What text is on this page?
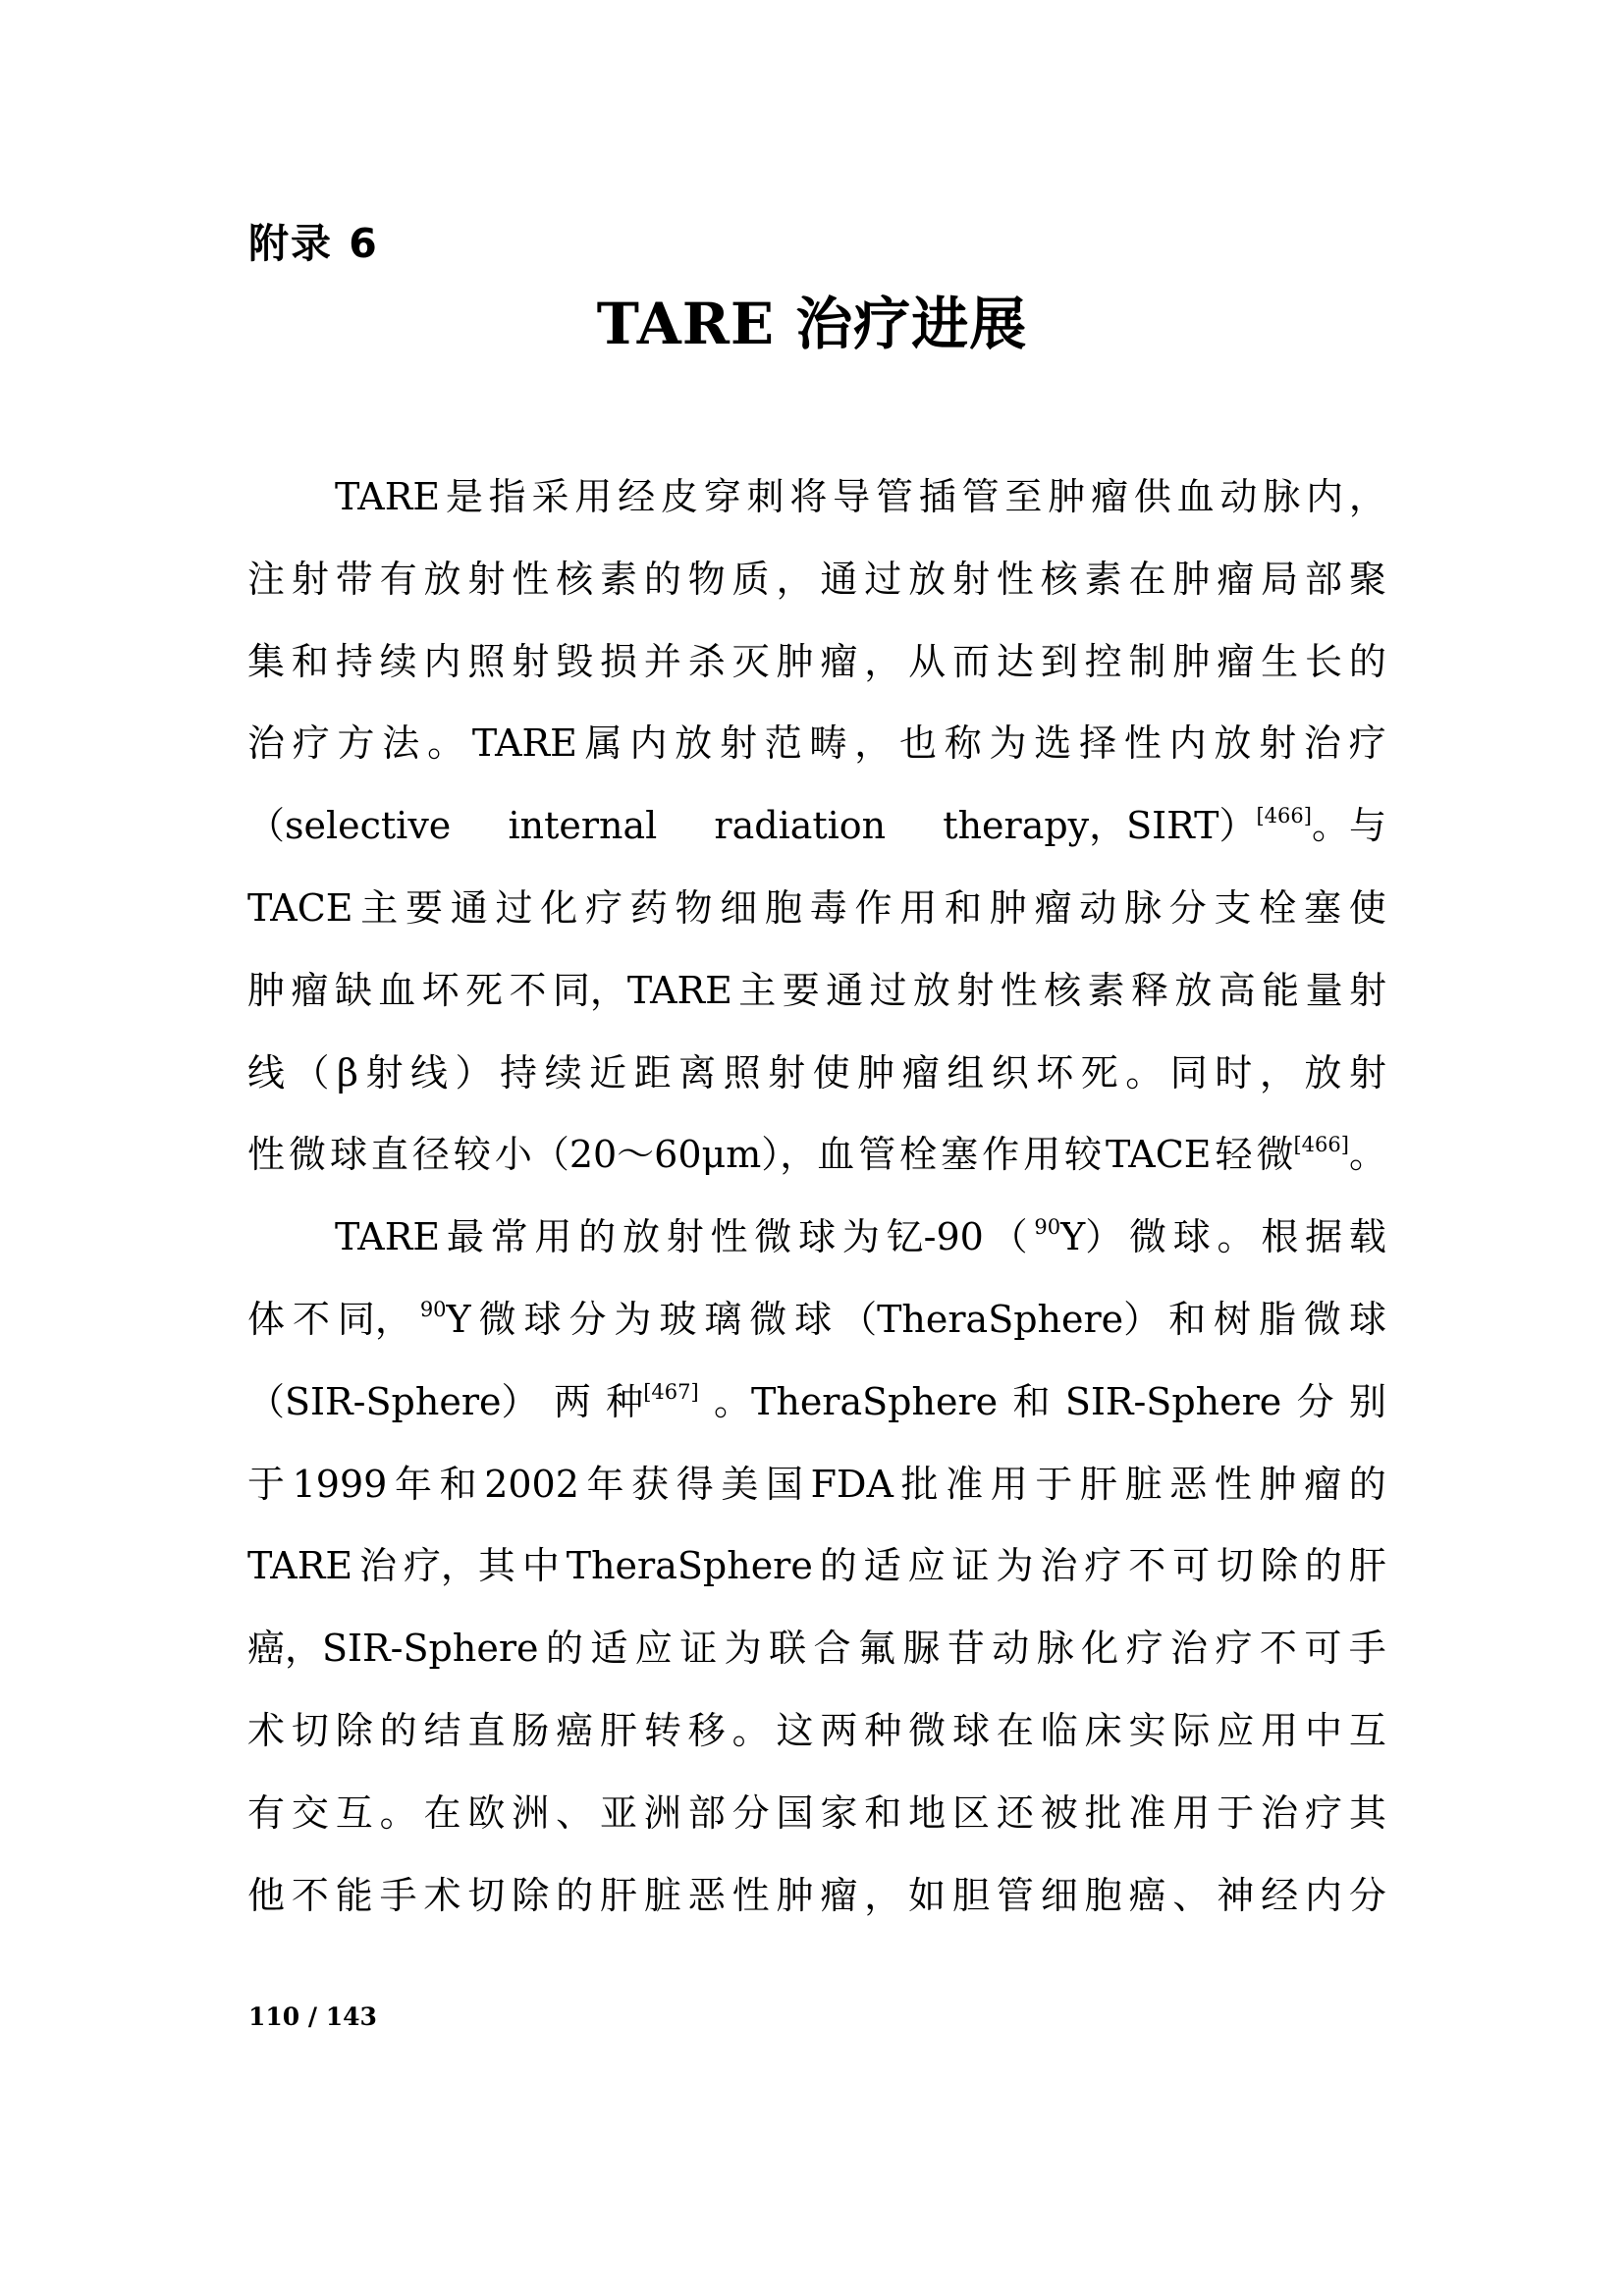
附录 6
TARE 治疗进展
TARE 是 指 采 用 经 皮 穿 刺 将 导 管 插 管 至 肿 瘤 供 血 动 脉 内 ，
注 射 带 有 放 射 性 核 素 的 物 质 ， 通 过 放 射 性 核 素 在 肿 瘤 局 部 聚
集 和 持 续 内 照 射 毁 损 并 杀 灭 肿 瘤 ， 从 而 达 到 控 制 肿 瘤 生 长 的
治 疗 方 法 。 TARE 属 内 放 射 范 畴 ， 也 称 为 选 择 性 内 放 射 治 疗
（selective internal radiation therapy，SIRT）[466]。与
TACE 主 要 通 过 化 疗 药 物 细 胞 毒 作 用 和 肿 瘤 动 脉 分 支 栓 塞 使
肿 瘤 缺 血 坏 死 不 同，TARE 主 要 通 过 放 射 性 核 素 释 放 高 能 量 射
线 （ β 射 线 ） 持 续 近 距 离 照 射 使 肿 瘤 组 织 坏 死 。 同 时 ， 放 射
性 微 球 直 径 较 小（20～60μm），血 管 栓 塞 作 用 较 TACE 轻 微[466]。
TARE 最 常 用 的 放 射 性 微 球 为 钇-90 （ $^{90}$Y） 微 球 。 根 据 载
体 不 同， $^{90}$Y 微 球 分 为 玻 璃 微 球 （TheraSphere） 和 树 脂 微 球
（SIR-Sphere） 两 种[467] 。TheraSphere 和 SIR-Sphere 分 别
于 1999 年 和 2002 年 获 得 美 国 FDA 批 准 用 于 肝 脏 恶 性 肿 瘤 的
TARE 治 疗，其 中 TheraSphere 的 适 应 证 为 治 疗 不 可 切 除 的 肝
癌，SIR-Sphere 的 适 应 证 为 联 合 氟 脲 苷 动 脉 化 疗 治 疗 不 可 手
术 切 除 的 结 直 肠 癌 肝 转 移 。 这 两 种 微 球 在 临 床 实 际 应 用 中 互
有 交 互 。 在 欧 洲 、 亚 洲 部 分 国 家 和 地 区 还 被 批 准 用 于 治 疗 其
他 不 能 手 术 切 除 的 肝 脏 恶 性 肿 瘤 ， 如 胆 管 细 胞 癌 、 神 经 内 分
110 / 143
